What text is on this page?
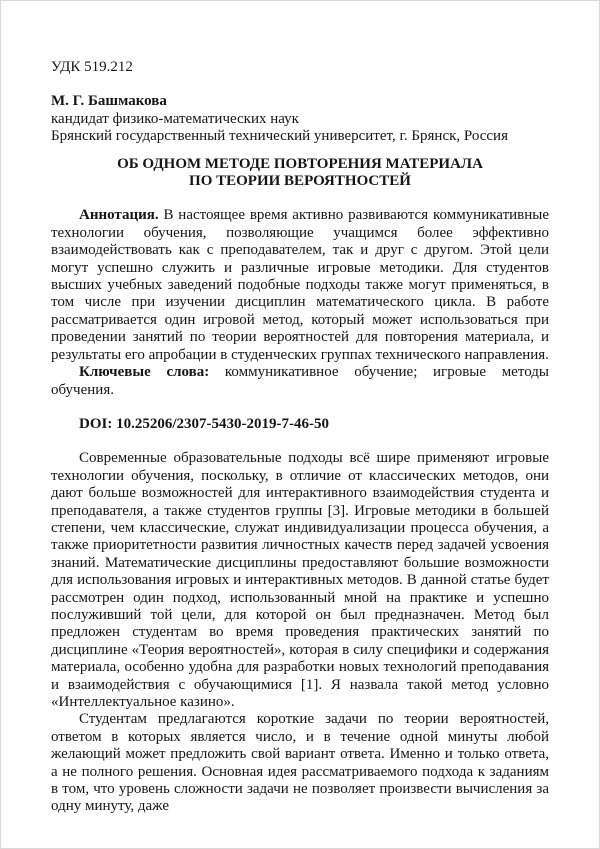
УДК 519.212
М. Г. Башмакова
кандидат физико-математических наук
Брянский государственный технический университет, г. Брянск, Россия
ОБ ОДНОМ МЕТОДЕ ПОВТОРЕНИЯ МАТЕРИАЛА
ПО ТЕОРИИ ВЕРОЯТНОСТЕЙ

Аннотация. В настоящее время активно развиваются коммуникативные технологии обучения, позволяющие учащимся более эффективно взаимодействовать как с преподавателем, так и друг с другом. Этой цели могут успешно служить и различные игровые методики. Для студентов высших учебных заведений подобные подходы также могут применяться, в том числе при изучении дисциплин математического цикла. В работе рассматривается один игровой метод, который может использоваться при проведении занятий по теории вероятностей для повторения материала, и результаты его апробации в студенческих группах технического направления.

Ключевые слова: коммуникативное обучение; игровые методы обучения.

DOI: 10.25206/2307-5430-2019-7-46-50

Современные образовательные подходы всё шире применяют игровые технологии обучения, поскольку, в отличие от классических методов, они дают больше возможностей для интерактивного взаимодействия студента и преподавателя, а также студентов группы [3]. Игровые методики в большей степени, чем классические, служат индивидуализации процесса обучения, а также приоритетности развития личностных качеств перед задачей усвоения знаний. Математические дисциплины предоставляют большие возможности для использования игровых и интерактивных методов. В данной статье будет рассмотрен один подход, использованный мной на практике и успешно послуживший той цели, для которой он был предназначен. Метод был предложен студентам во время проведения практических занятий по дисциплине «Теория вероятностей», которая в силу специфики и содержания материала, особенно удобна для разработки новых технологий преподавания и взаимодействия с обучающимися [1]. Я назвала такой метод условно «Интеллектуальное казино».

Студентам предлагаются короткие задачи по теории вероятностей, ответом в которых является число, и в течение одной минуты любой желающий может предложить свой вариант ответа. Именно и только ответа, а не полного решения. Основная идея рассматриваемого подхода к заданиям в том, что уровень сложности задачи не позволяет произвести вычисления за одну минуту, даже
